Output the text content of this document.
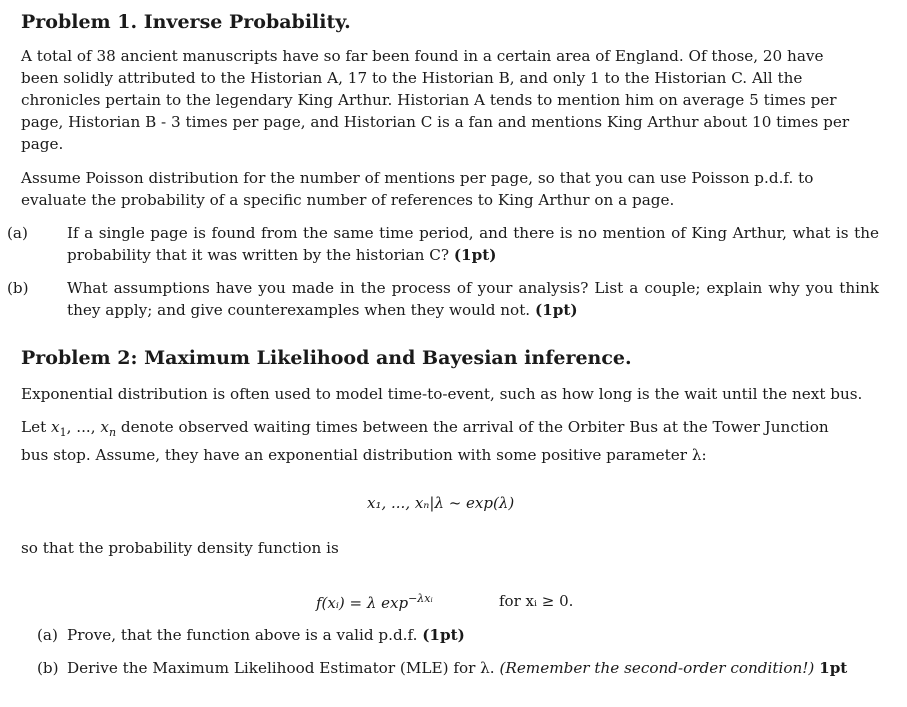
Problem 1. Inverse Probability.

A total of 38 ancient manuscripts have so far been found in a certain area of England. Of those, 20 have
been solidly attributed to the Historian A, 17 to the Historian B, and only 1 to the Historian C. All the
chronicles pertain to the legendary King Arthur. Historian A tends to mention him on average 5 times per
page, Historian B - 3 times per page, and Historian C is a fan and mentions King Arthur about 10 times per
page.

Assume Poisson distribution for the number of mentions per page, so that you can use Poisson p.d.f. to
evaluate the probability of a specific number of references to King Arthur on a page.

(a)	If a single page is found from the same time period, and there is no mention of King Arthur, what is the probability that it was written by the historian C? (1pt)
(b)	What assumptions have you made in the process of your analysis? List a couple; explain why you think they apply; and give counterexamples when they would not. (1pt)
Problem 2: Maximum Likelihood and Bayesian inference.

Exponential distribution is often used to model time-to-event, such as how long is the wait until the next bus.

Let $x_1$, ..., $x_n$ denote observed waiting times between the arrival of the Orbiter Bus at the Tower Junction
bus stop. Assume, they have an exponential distribution with some positive parameter λ:

x₁, ..., xₙ|λ ~ exp(λ)

so that the probability density function is

f(xᵢ) = λ $\exp^{-\lambda xᵢ}$	for xᵢ ≥ 0.
(a) Prove, that the function above is a valid p.d.f. (1pt)
(b) Derive the Maximum Likelihood Estimator (MLE) for λ. (Remember the second-order condition!) 1pt
